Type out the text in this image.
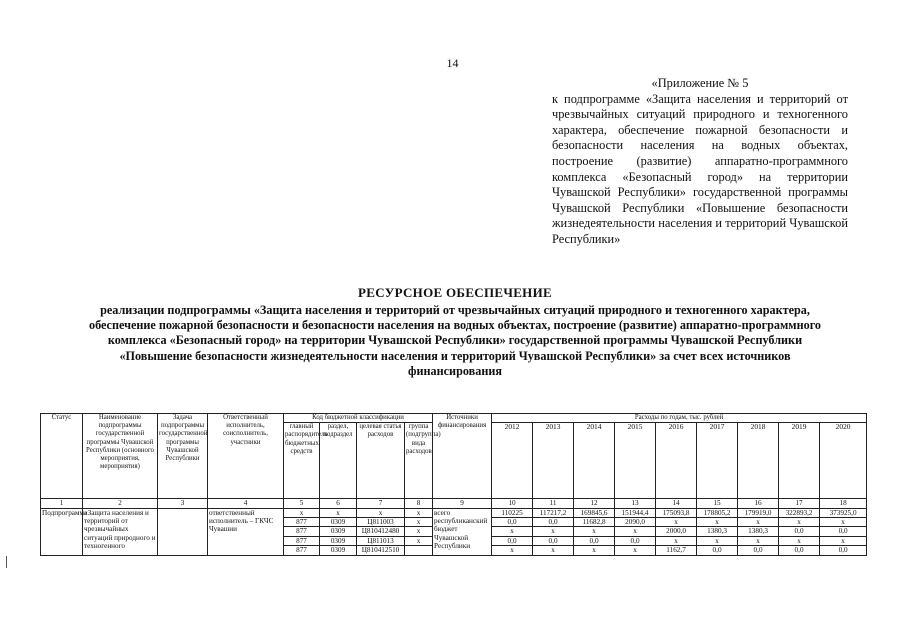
14
«Приложение № 5
к подпрограмме «Защита населения и территорий от чрезвычайных ситуаций природного и техногенного характера, обеспечение пожарной безопасности и безопасности населения на водных объектах, построение (развитие) аппаратно-программного комплекса «Безопасный город» на территории Чувашской Республики» государственной программы Чувашской Республики «Повышение безопасности жизнедеятельности населения и территорий Чувашской Республики»
РЕСУРСНОЕ ОБЕСПЕЧЕНИЕ
реализации подпрограммы «Защита населения и территорий от чрезвычайных ситуаций природного и техногенного характера, обеспечение пожарной безопасности и безопасности населения на водных объектах, построение (развитие) аппаратно-программного комплекса «Безопасный город» на территории Чувашской Республики» государственной программы Чувашской Республики «Повышение безопасности жизнедеятельности населения и территорий Чувашской Республики» за счет всех источников финансирования
Статус	Наименование подпрограммы государственной программы Чувашской Республики (основного мероприятия, мероприятия)	Задача подпрограммы государственной программы Чувашской Республики	Ответственный исполнитель, соисполнитель, участники	Код бюджетной классификации				Источники финансирования	Расходы по годам, тыс. рублей								
				главный распорядитель бюджетных средств	раздел, подраздел	целевая статья расходов	группа (подгруппа) вида расходов		2012	2013	2014	2015	2016	2017	2018	2019	2020
1	2	3	4	5	6	7	8	9	10	11	12	13	14	15	16	17	18
Подпрограмма	«Защита населения и территорий от чрезвычайных ситуаций природного и техногенного		ответственный исполнитель – ГКЧС Чувашии	x	x	x	x	всего республиканский бюджет Чувашской Республики	110225	117217,2	169845,6	151944,4	175093,8	178805,2	179919,0	322893,2	373925,0
				877	0309	Ц811003	x		0,0	0,0	11682,8	2090,0	x	x	x	x	x
				877	0309	Ц810412480	x		x	x	x	x	2000,0	1380,3	1380,3	0,0	0,0
				877	0309	Ц811013	x		0,0	0,0	0,0	0,0	x	x	x	x	x
				877	0309	Ц810412510			x	x	x	x	1162,7	0,0	0,0	0,0	0,0
